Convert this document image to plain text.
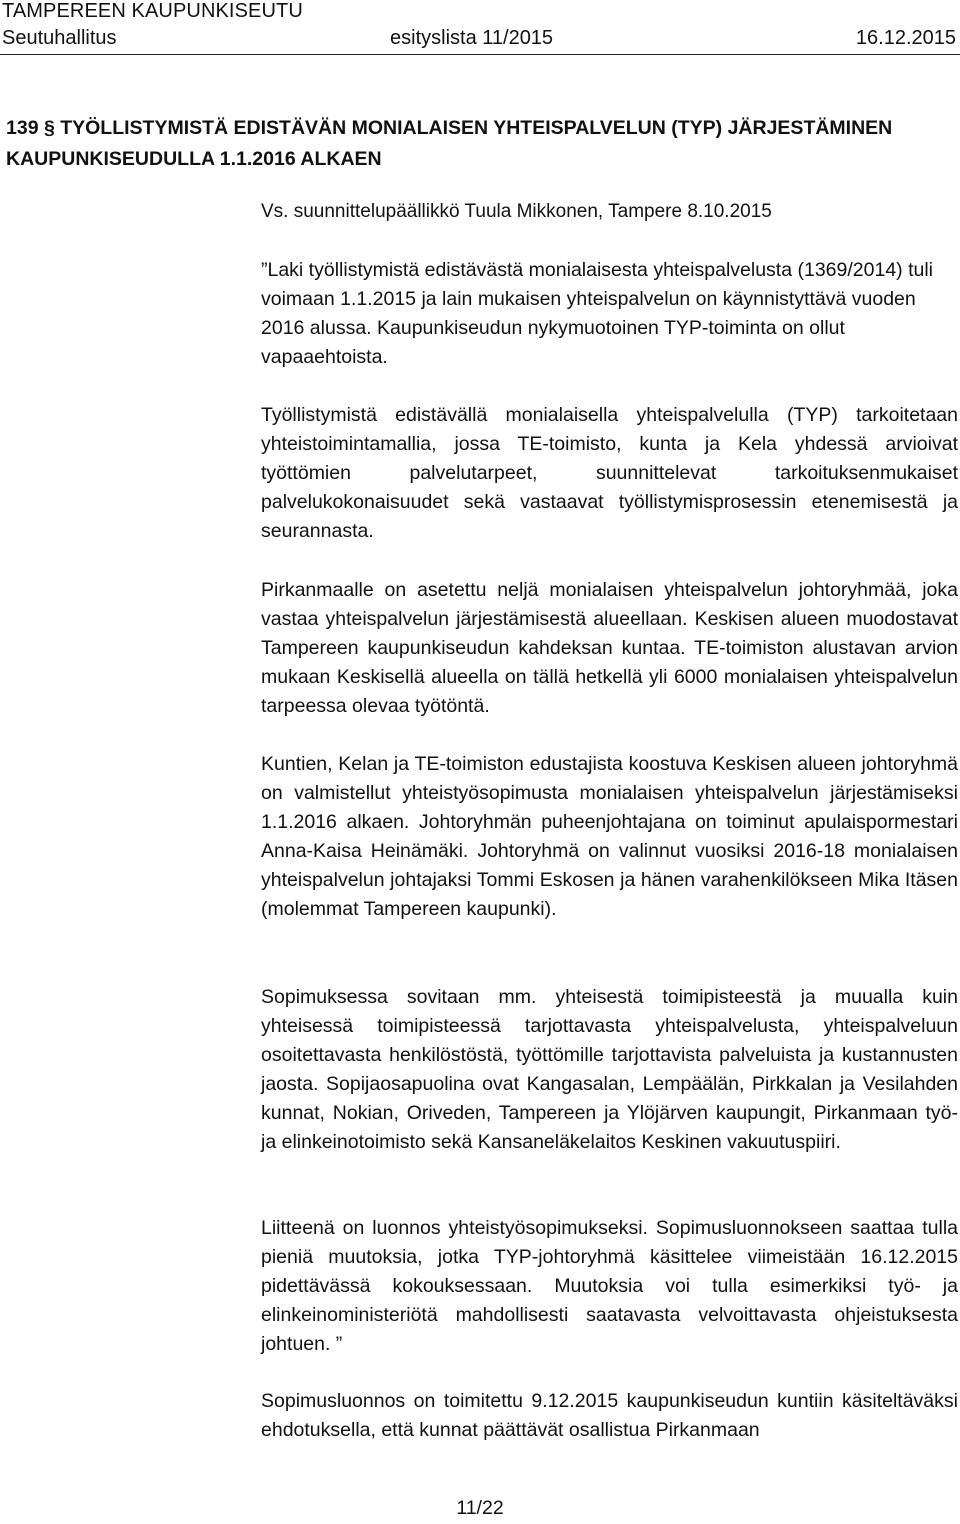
TAMPEREEN KAUPUNKISEUTU
Seutuhallitus	esityslista 11/2015	16.12.2015
139 § TYÖLLISTYMISTÄ EDISTÄVÄN MONIALAISEN YHTEISPALVELUN (TYP) JÄRJESTÄMINEN KAUPUNKISEUDULLA 1.1.2016 ALKAEN
Vs. suunnittelupäällikkö Tuula Mikkonen, Tampere 8.10.2015

”Laki työllistymistä edistävästä monialaisesta yhteispalvelusta (1369/2014) tuli voimaan 1.1.2015 ja lain mukaisen yhteispalvelun on käynnistyttävä vuoden 2016 alussa. Kaupunkiseudun nykymuotoinen TYP-toiminta on ollut vapaaehtoista.

Työllistymistä edistävällä monialaisella yhteispalvelulla (TYP) tarkoitetaan yhteistoimintamallia, jossa TE-toimisto, kunta ja Kela yhdessä arvioivat työttömien palvelutarpeet, suunnittelevat tarkoituksenmukaiset palvelukokonaisuudet sekä vastaavat työllistymisprosessin etenemisestä ja seurannasta.

Pirkanmaalle on asetettu neljä monialaisen yhteispalvelun johtoryhmää, joka vastaa yhteispalvelun järjestämisestä alueellaan. Keskisen alueen muodostavat Tampereen kaupunkiseudun kahdeksan kuntaa. TE-toimiston alustavan arvion mukaan Keskisellä alueella on tällä hetkellä yli 6000 monialaisen yhteispalvelun tarpeessa olevaa työtöntä.

Kuntien, Kelan ja TE-toimiston edustajista koostuva Keskisen alueen johtoryhmä on valmistellut yhteistyösopimusta monialaisen yhteispalvelun järjestämiseksi 1.1.2016 alkaen. Johtoryhmän puheenjohtajana on toiminut apulaispormestari Anna-Kaisa Heinämäki. Johtoryhmä on valinnut vuosiksi 2016-18 monialaisen yhteispalvelun johtajaksi Tommi Eskosen ja hänen varahenkilökseen Mika Itäsen (molemmat Tampereen kaupunki).

Sopimuksessa sovitaan mm. yhteisestä toimipisteestä ja muualla kuin yhteisessä toimipisteessä tarjottavasta yhteispalvelusta, yhteispalveluun osoitettavasta henkilöstöstä, työttömille tarjottavista palveluista ja kustannusten jaosta. Sopijaosapuolina ovat Kangasalan, Lempäälän, Pirkkalan ja Vesilahden kunnat, Nokian, Oriveden, Tampereen ja Ylöjärven kaupungit, Pirkanmaan työ- ja elinkeinotoimisto sekä Kansaneläkelaitos Keskinen vakuutuspiiri.

Liitteenä on luonnos yhteistyösopimukseksi. Sopimusluonnokseen saattaa tulla pieniä muutoksia, jotka TYP-johtoryhmä käsittelee viimeistään 16.12.2015 pidettävässä kokouksessaan. Muutoksia voi tulla esimerkiksi työ- ja elinkeinoministeriötä mahdollisesti saatavasta velvoittavasta ohjeistuksesta johtuen. ”

Sopimusluonnos on toimitettu 9.12.2015 kaupunkiseudun kuntiin käsiteltäväksi ehdotuksella, että kunnat päättävät osallistua Pirkanmaan

11/22
